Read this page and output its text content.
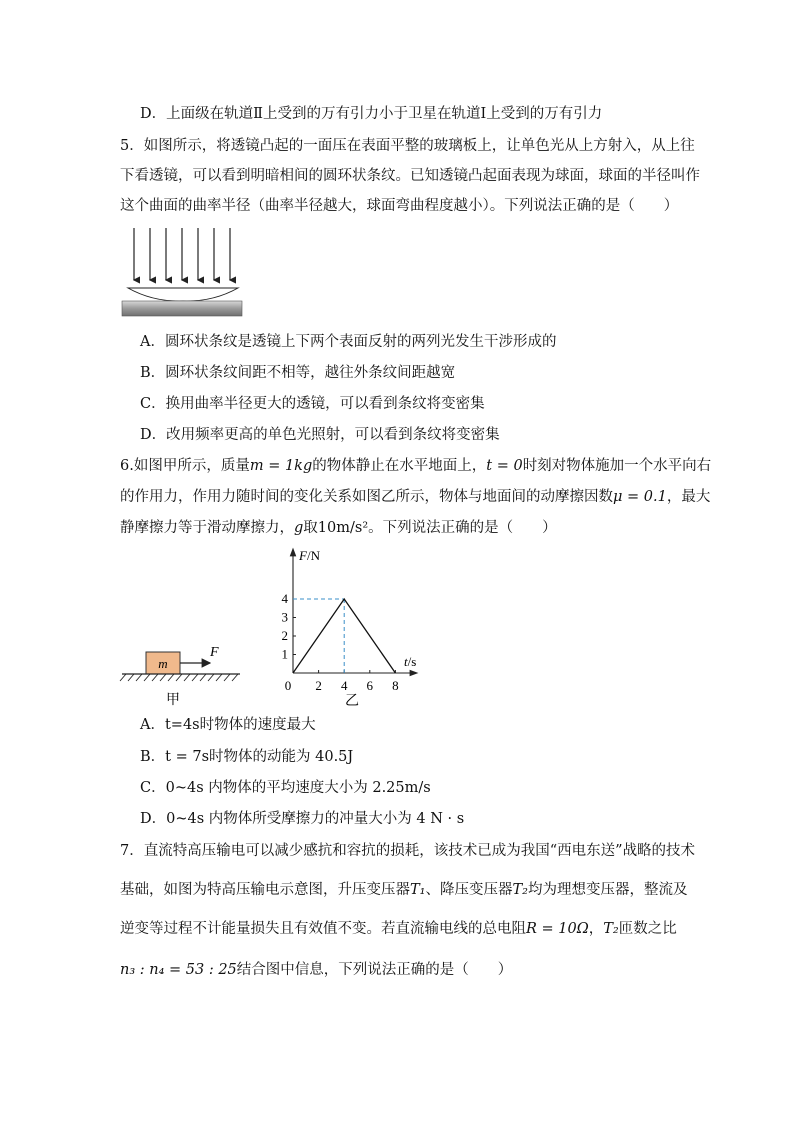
D．上面级在轨道Ⅱ上受到的万有引力小于卫星在轨道Ⅰ上受到的万有引力
5．如图所示，将透镜凸起的一面压在表面平整的玻璃板上，让单色光从上方射入，从上往
下看透镜，可以看到明暗相间的圆环状条纹。已知透镜凸起面表现为球面，球面的半径叫作
这个曲面的曲率半径（曲率半径越大，球面弯曲程度越小）。下列说法正确的是（　　）
A．圆环状条纹是透镜上下两个表面反射的两列光发生干涉形成的
B．圆环状条纹间距不相等，越往外条纹间距越宽
C．换用曲率半径更大的透镜，可以看到条纹将变密集
D．改用频率更高的单色光照射，可以看到条纹将变密集
6.如图甲所示，质量m = 1kg的物体静止在水平地面上，t = 0时刻对物体施加一个水平向右
的作用力，作用力随时间的变化关系如图乙所示，物体与地面间的动摩擦因数μ = 0.1，最大
静摩擦力等于滑动摩擦力，g取10m/s²。下列说法正确的是（　　）
m
F
甲
F/N
t/s
0
乙
2 4 6 8
1
2
3
4
A．t=4s时物体的速度最大
B．t = 7s时物体的动能为 40.5J
C．0~4s 内物体的平均速度大小为 2.25m/s
D．0~4s 内物体所受摩擦力的冲量大小为 4 N · s
7．直流特高压输电可以减少感抗和容抗的损耗，该技术已成为我国“西电东送”战略的技术
基础，如图为特高压输电示意图，升压变压器T₁、降压变压器T₂均为理想变压器，整流及
逆变等过程不计能量损失且有效值不变。若直流输电线的总电阻R = 10Ω，T₂匝数之比
n₃ : n₄ = 53 : 25结合图中信息，下列说法正确的是（　　）
